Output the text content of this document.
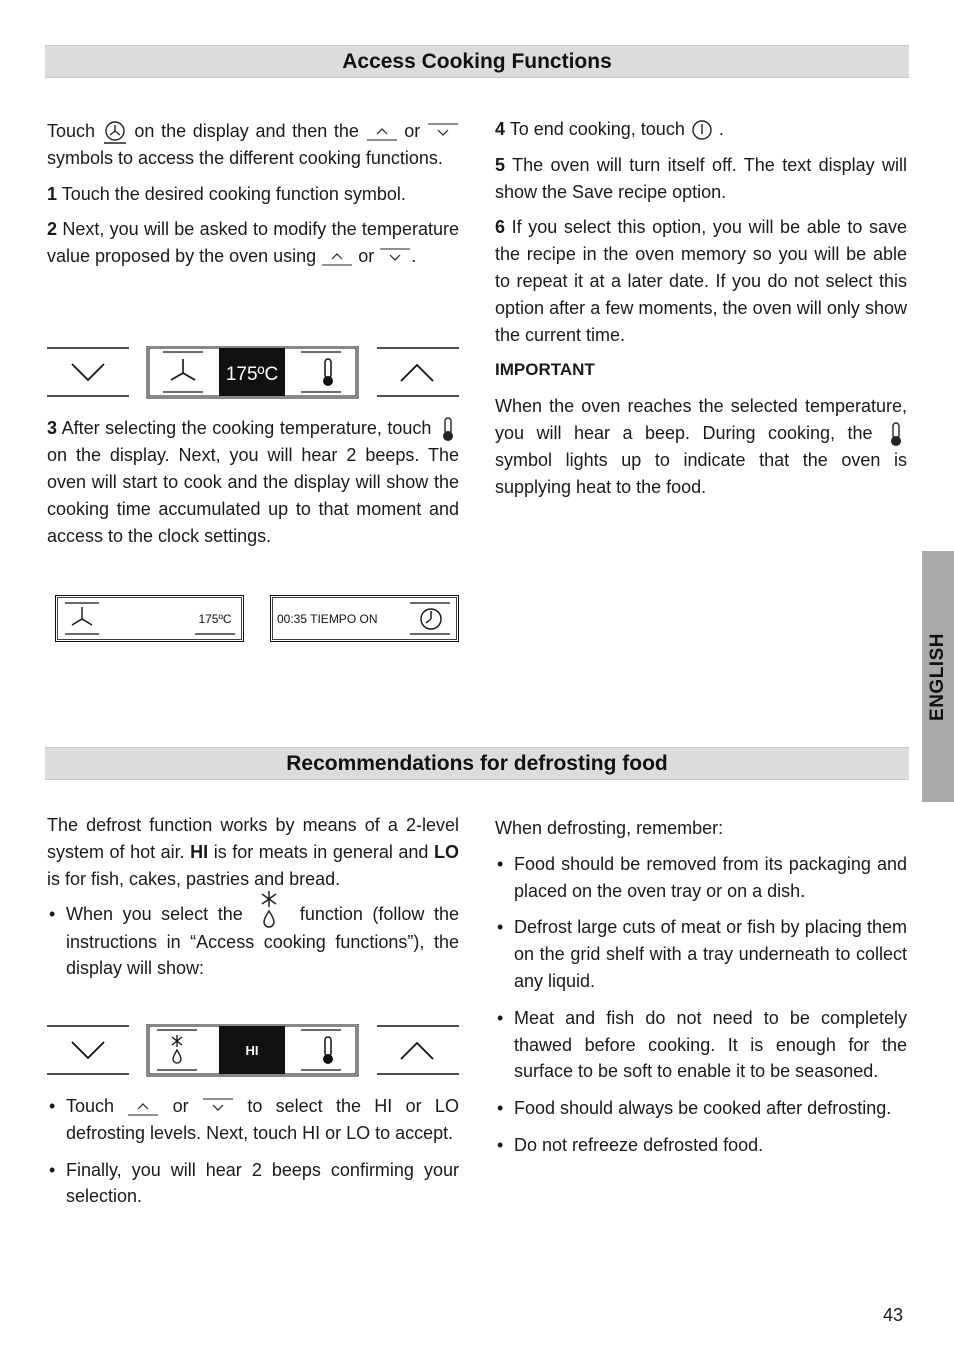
Access Cooking Functions

Touch on the display and then the	or
symbols to access the different cooking functions.

1 Touch the desired cooking function symbol.

2 Next, you will be asked to modify the temperature value proposed by the oven using or .

175ºC

3 After selecting the cooking temperature, touch
on the display. Next, you will hear 2 beeps. The oven will start to cook and the display will show the cooking time accumulated up to that moment and access to the clock settings.

175ºC	00:35 TIEMPO ON

4 To end cooking, touch .

5 The oven will turn itself off. The text display will show the Save recipe option.

6 If you select this option, you will be able to save the recipe in the oven memory so you will be able to repeat it at a later date. If you do not select this option after a few moments, the oven will only show the current time.

IMPORTANT

When the oven reaches the selected temperature, you will hear a beep. During cooking, the
symbol lights up to indicate that the oven is supplying heat to the food.

ENGLISH
Recommendations for defrosting food

The defrost function works by means of a 2-level system of hot air. HI is for meats in general and LO is for fish, cakes, pastries and bread.

• When you select the	function (follow the instructions in “Access cooking functions”), the display will show:
HI
• Touch	or	to select the HI or LO defrosting levels. Next, touch HI or LO to accept.
• Finally, you will hear 2 beeps confirming your selection.

When defrosting, remember:

• Food should be removed from its packaging and placed on the oven tray or on a dish.
• Defrost large cuts of meat or fish by placing them on the grid shelf with a tray underneath to collect any liquid.
• Meat and fish do not need to be completely thawed before cooking. It is enough for the surface to be soft to enable it to be seasoned.
• Food should always be cooked after defrosting.
• Do not refreeze defrosted food.
43
